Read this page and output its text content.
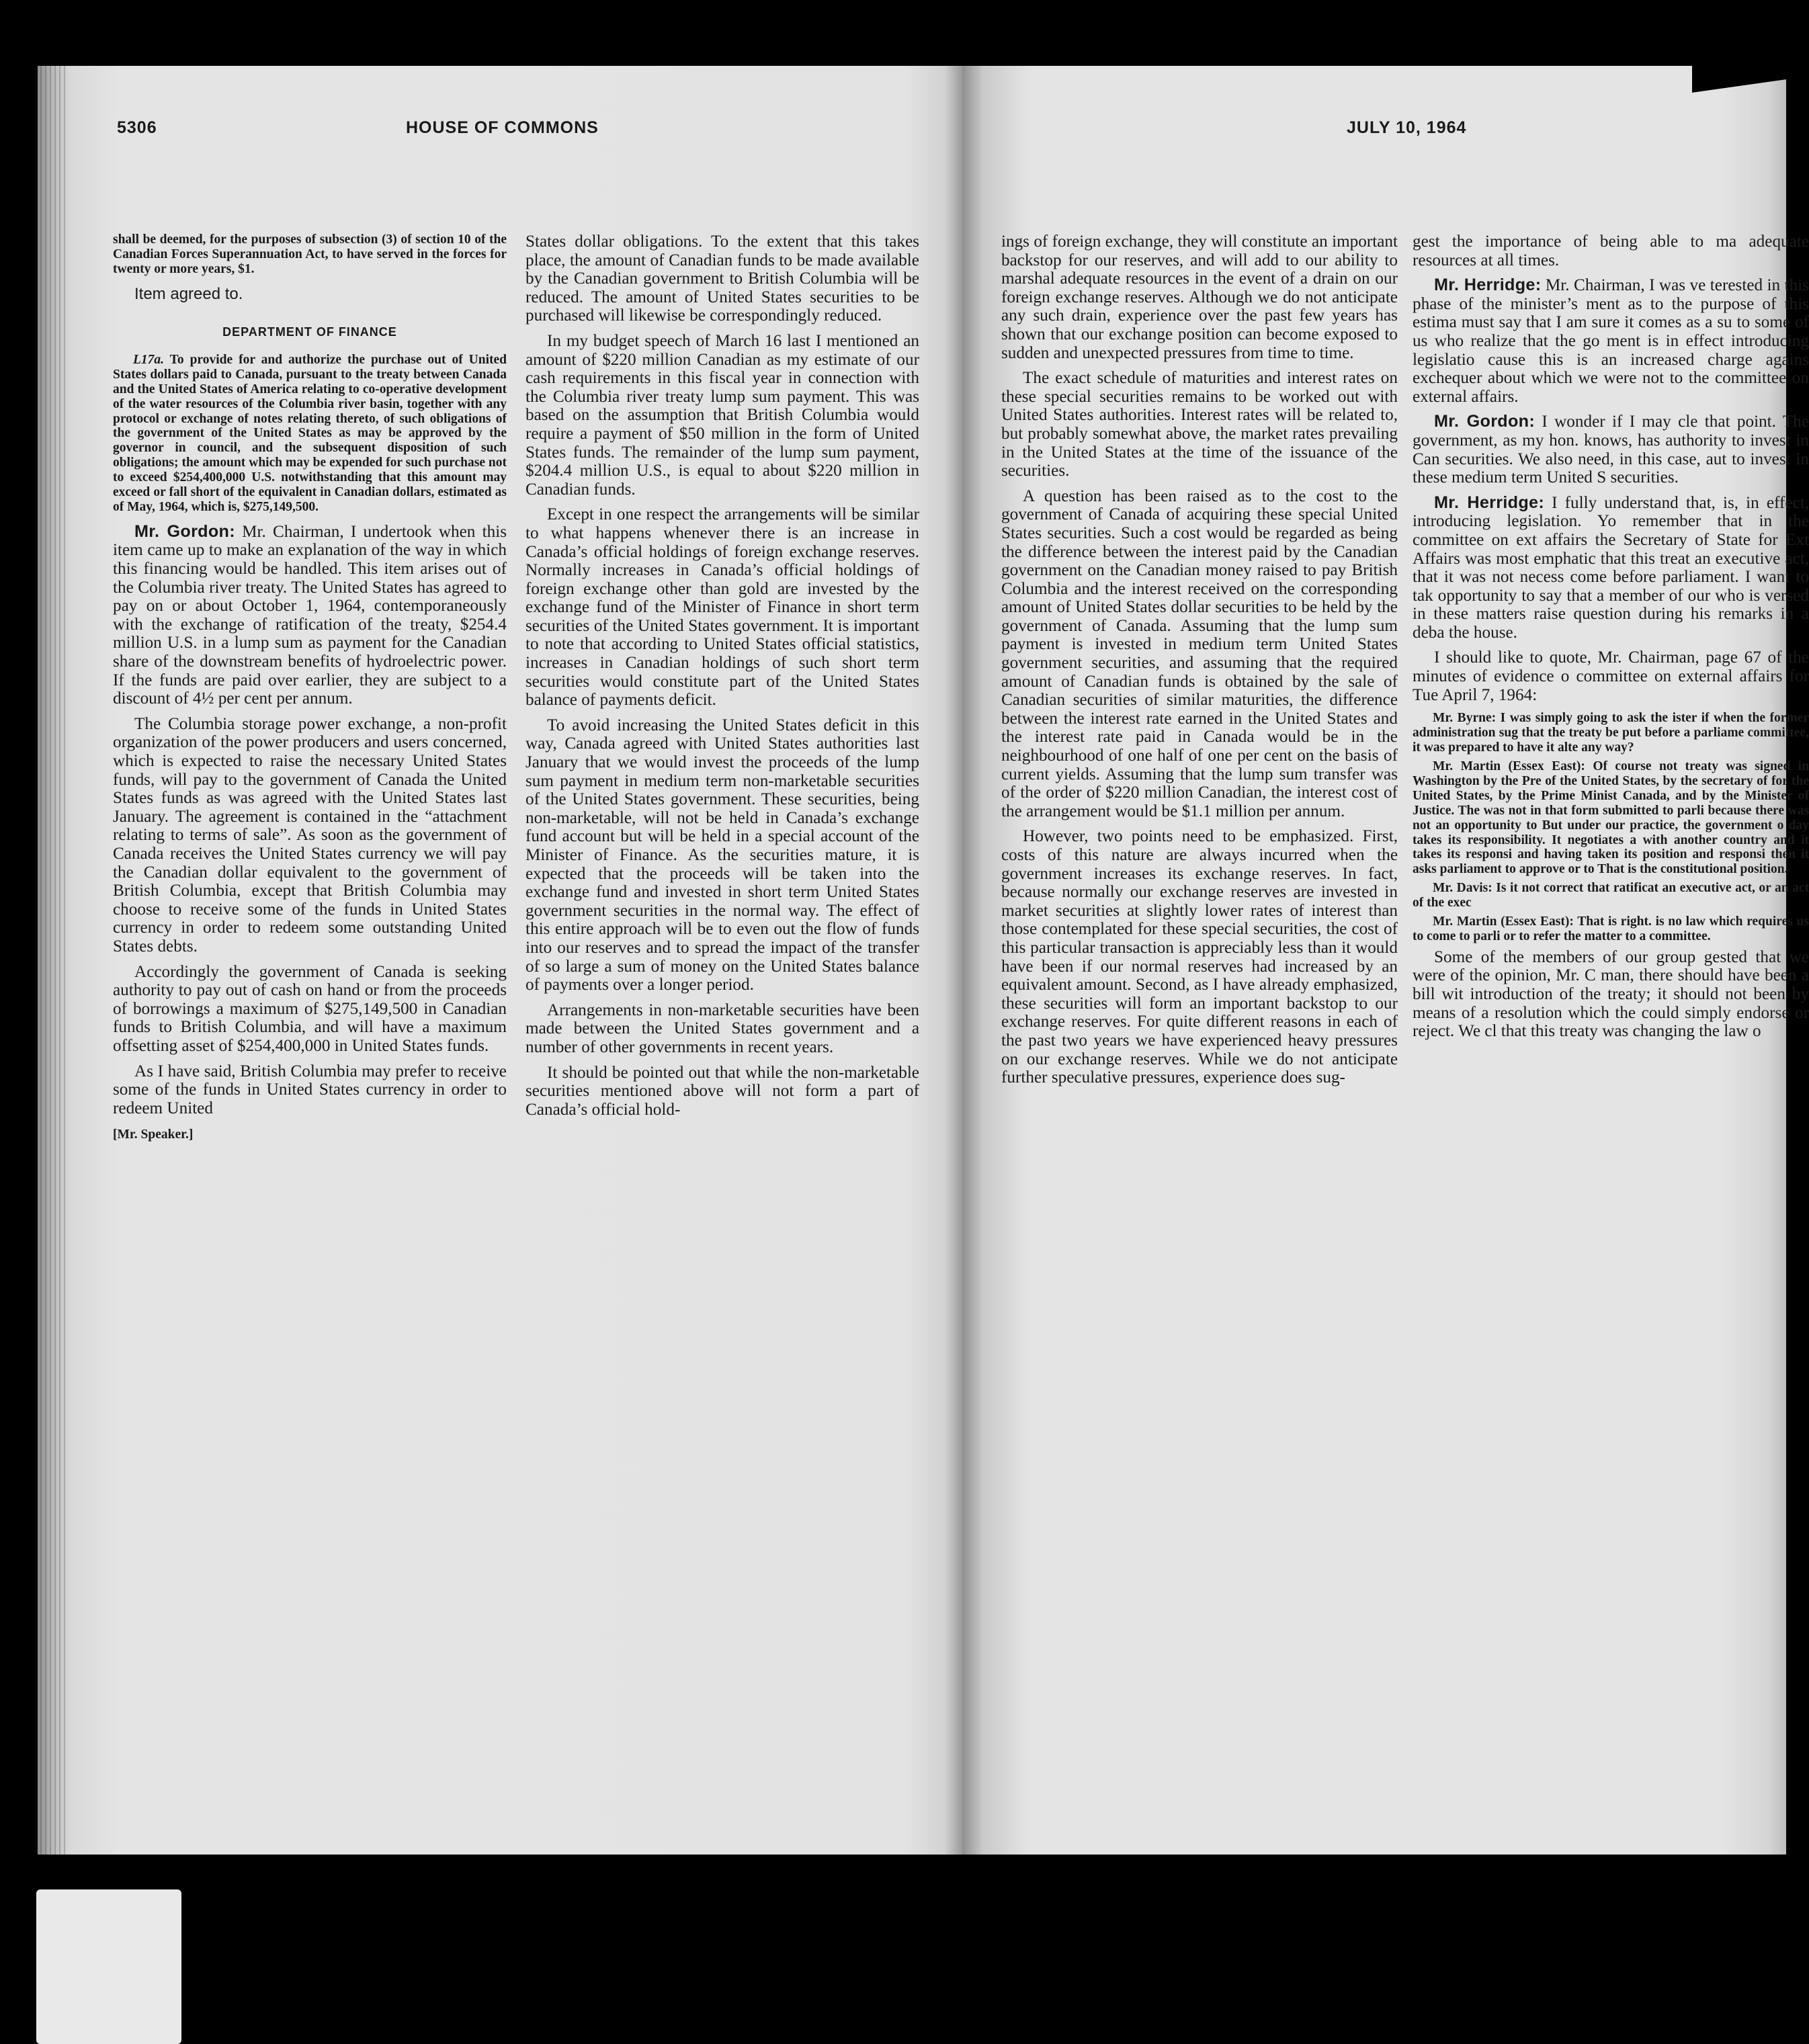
5306	HOUSE OF COMMONS	JULY 10, 1964

shall be deemed, for the purposes of subsection (3) of section 10 of the Canadian Forces Superannuation Act, to have served in the forces for twenty or more years, $1.

Item agreed to.

DEPARTMENT OF FINANCE

L17a. To provide for and authorize the purchase out of United States dollars paid to Canada, pursuant to the treaty between Canada and the United States of America relating to co-operative development of the water resources of the Columbia river basin, together with any protocol or exchange of notes relating thereto, of such obligations of the government of the United States as may be approved by the governor in council, and the subsequent disposition of such obligations; the amount which may be expended for such purchase not to exceed $254,400,000 U.S. notwithstanding that this amount may exceed or fall short of the equivalent in Canadian dollars, estimated as of May, 1964, which is, $275,149,500.

Mr. Gordon: Mr. Chairman, I undertook when this item came up to make an explanation of the way in which this financing would be handled. This item arises out of the Columbia river treaty. The United States has agreed to pay on or about October 1, 1964, contemporaneously with the exchange of ratification of the treaty, $254.4 million U.S. in a lump sum as payment for the Canadian share of the downstream benefits of hydroelectric power. If the funds are paid over earlier, they are subject to a discount of 4½ per cent per annum.

The Columbia storage power exchange, a non-profit organization of the power producers and users concerned, which is expected to raise the necessary United States funds, will pay to the government of Canada the United States funds as was agreed with the United States last January. The agreement is contained in the “attachment relating to terms of sale”. As soon as the government of Canada receives the United States currency we will pay the Canadian dollar equivalent to the government of British Columbia, except that British Columbia may choose to receive some of the funds in United States currency in order to redeem some outstanding United States debts.

Accordingly the government of Canada is seeking authority to pay out of cash on hand or from the proceeds of borrowings a maximum of $275,149,500 in Canadian funds to British Columbia, and will have a maximum offsetting asset of $254,400,000 in United States funds.

As I have said, British Columbia may prefer to receive some of the funds in United States currency in order to redeem United

[Mr. Speaker.]

States dollar obligations. To the extent that this takes place, the amount of Canadian funds to be made available by the Canadian government to British Columbia will be reduced. The amount of United States securities to be purchased will likewise be correspondingly reduced.

In my budget speech of March 16 last I mentioned an amount of $220 million Canadian as my estimate of our cash requirements in this fiscal year in connection with the Columbia river treaty lump sum payment. This was based on the assumption that British Columbia would require a payment of $50 million in the form of United States funds. The remainder of the lump sum payment, $204.4 million U.S., is equal to about $220 million in Canadian funds.

Except in one respect the arrangements will be similar to what happens whenever there is an increase in Canada’s official holdings of foreign exchange reserves. Normally increases in Canada’s official holdings of foreign exchange other than gold are invested by the exchange fund of the Minister of Finance in short term securities of the United States government. It is important to note that according to United States official statistics, increases in Canadian holdings of such short term securities would constitute part of the United States balance of payments deficit.

To avoid increasing the United States deficit in this way, Canada agreed with United States authorities last January that we would invest the proceeds of the lump sum payment in medium term non-marketable securities of the United States government. These securities, being non-marketable, will not be held in Canada’s exchange fund account but will be held in a special account of the Minister of Finance. As the securities mature, it is expected that the proceeds will be taken into the exchange fund and invested in short term United States government securities in the normal way. The effect of this entire approach will be to even out the flow of funds into our reserves and to spread the impact of the transfer of so large a sum of money on the United States balance of payments over a longer period.

Arrangements in non-marketable securities have been made between the United States government and a number of other governments in recent years.

It should be pointed out that while the non-marketable securities mentioned above will not form a part of Canada’s official hold-

ings of foreign exchange, they will constitute an important backstop for our reserves, and will add to our ability to marshal adequate resources in the event of a drain on our foreign exchange reserves. Although we do not anticipate any such drain, experience over the past few years has shown that our exchange position can become exposed to sudden and unexpected pressures from time to time.

The exact schedule of maturities and interest rates on these special securities remains to be worked out with United States authorities. Interest rates will be related to, but probably somewhat above, the market rates prevailing in the United States at the time of the issuance of the securities.

A question has been raised as to the cost to the government of Canada of acquiring these special United States securities. Such a cost would be regarded as being the difference between the interest paid by the Canadian government on the Canadian money raised to pay British Columbia and the interest received on the corresponding amount of United States dollar securities to be held by the government of Canada. Assuming that the lump sum payment is invested in medium term United States government securities, and assuming that the required amount of Canadian funds is obtained by the sale of Canadian securities of similar maturities, the difference between the interest rate earned in the United States and the interest rate paid in Canada would be in the neighbourhood of one half of one per cent on the basis of current yields. Assuming that the lump sum transfer was of the order of $220 million Canadian, the interest cost of the arrangement would be $1.1 million per annum.

However, two points need to be emphasized. First, costs of this nature are always incurred when the government increases its exchange reserves. In fact, because normally our exchange reserves are invested in market securities at slightly lower rates of interest than those contemplated for these special securities, the cost of this particular transaction is appreciably less than it would have been if our normal reserves had increased by an equivalent amount. Second, as I have already emphasized, these securities will form an important backstop to our exchange reserves. For quite different reasons in each of the past two years we have experienced heavy pressures on our exchange reserves. While we do not anticipate further speculative pressures, experience does sug-

gest the importance of being able to ma adequate resources at all times.

Mr. Herridge: Mr. Chairman, I was ve terested in this phase of the minister’s ment as to the purpose of this estima must say that I am sure it comes as a su to some of us who realize that the go ment is in effect introducing legislatio cause this is an increased charge agains exchequer about which we were not to the committee on external affairs.

Mr. Gordon: I wonder if I may cle that point. The government, as my hon. knows, has authority to invest in Can securities. We also need, in this case, aut to invest in these medium term United S securities.

Mr. Herridge: I fully understand that, is, in effect, introducing legislation. Yo remember that in the committee on ext affairs the Secretary of State for Ext Affairs was most emphatic that this treat an executive act, that it was not necess come before parliament. I want to tak opportunity to say that a member of our who is versed in these matters raise question during his remarks in a deba the house.

I should like to quote, Mr. Chairman, page 67 of the minutes of evidence o committee on external affairs for Tue April 7, 1964:

Mr. Byrne: I was simply going to ask the ister if when the former administration sug that the treaty be put before a parliame committee, it was prepared to have it alte any way?

Mr. Martin (Essex East): Of course not treaty was signed in Washington by the Pre of the United States, by the secretary of for the United States, by the Prime Minist Canada, and by the Minister of Justice. The was not in that form submitted to parli because there was not an opportunity to But under our practice, the government o day takes its responsibility. It negotiates a with another country and it takes its responsi and having taken its position and responsi then it asks parliament to approve or to That is the constitutional position.

Mr. Davis: Is it not correct that ratificat an executive act, or an act of the exec

Mr. Martin (Essex East): That is right. is no law which requires us to come to parli or to refer the matter to a committee.

Some of the members of our group gested that we were of the opinion, Mr. C man, there should have been a bill wit introduction of the treaty; it should not been by means of a resolution which the could simply endorse or reject. We cl that this treaty was changing the law o
